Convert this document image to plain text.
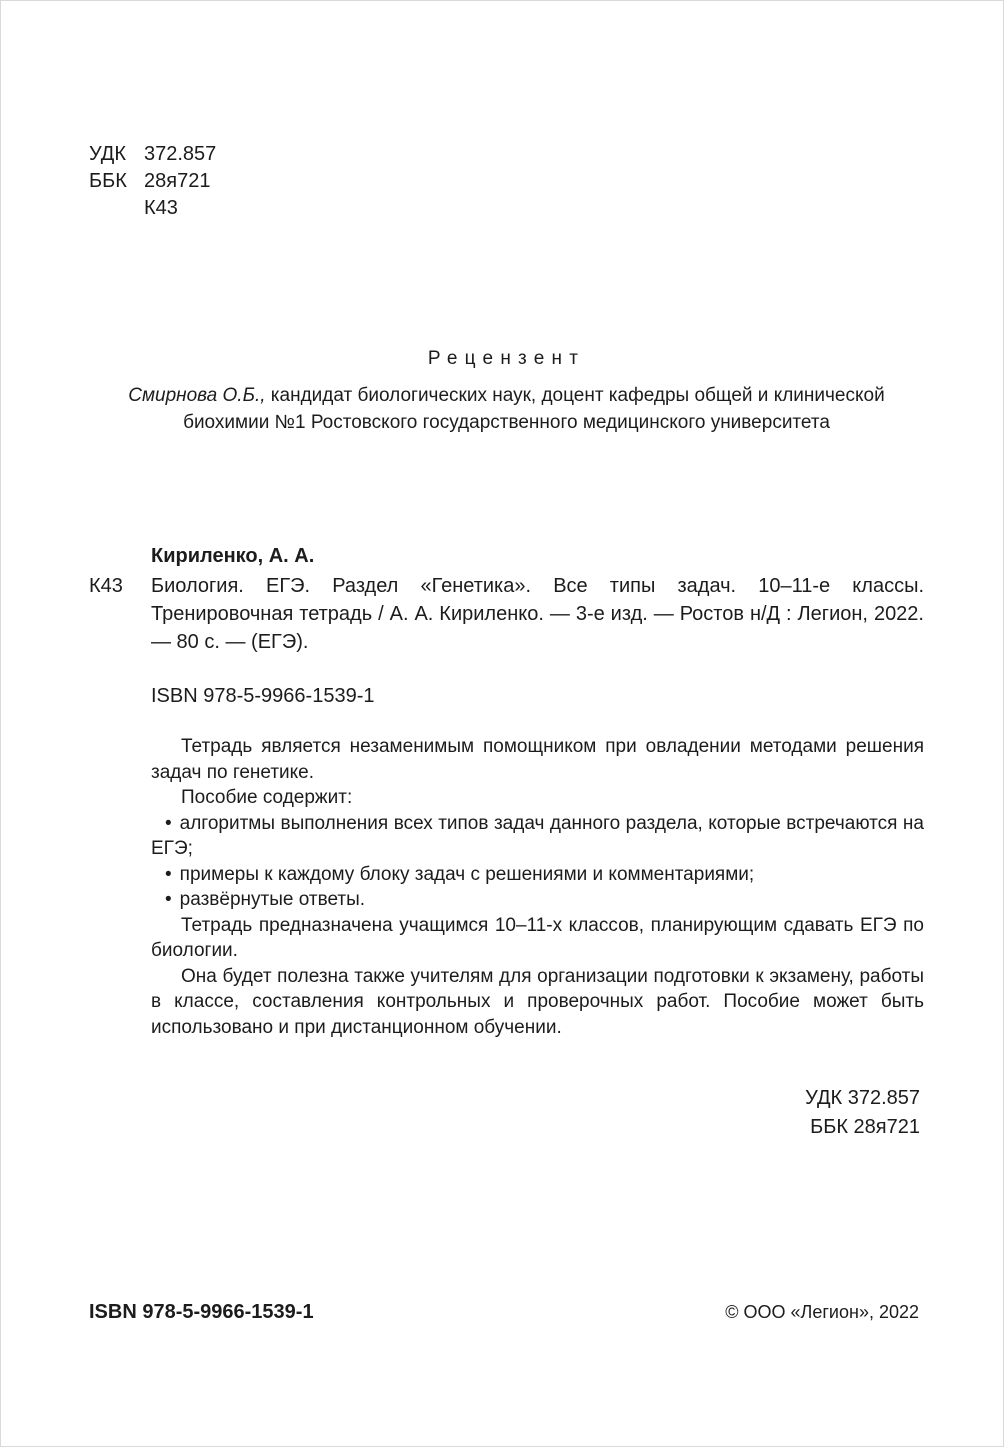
УДК 372.857
ББК 28я721
К43
Рецензент
Смирнова О.Б., кандидат биологических наук, доцент кафедры общей и клинической биохимии №1 Ростовского государственного медицинского университета
Кириленко, А. А.
К43	Биология. ЕГЭ. Раздел «Генетика». Все типы задач. 10–11-е классы. Тренировочная тетрадь / А. А. Кириленко. — 3-е изд. — Ростов н/Д : Легион, 2022. — 80 с. — (ЕГЭ).
ISBN 978-5-9966-1539-1

Тетрадь является незаменимым помощником при овладении методами решения задач по генетике.

Пособие содержит:

• алгоритмы выполнения всех типов задач данного раздела, которые встречаются на ЕГЭ;
• примеры к каждому блоку задач с решениями и комментариями;
• развёрнутые ответы.

Тетрадь предназначена учащимся 10–11-х классов, планирующим сдавать ЕГЭ по биологии.

Она будет полезна также учителям для организации подготовки к экзамену, работы в классе, составления контрольных и проверочных работ. Пособие может быть использовано и при дистанционном обучении.

УДК 372.857
ББК 28я721
ISBN 978-5-9966-1539-1	© ООО «Легион», 2022
